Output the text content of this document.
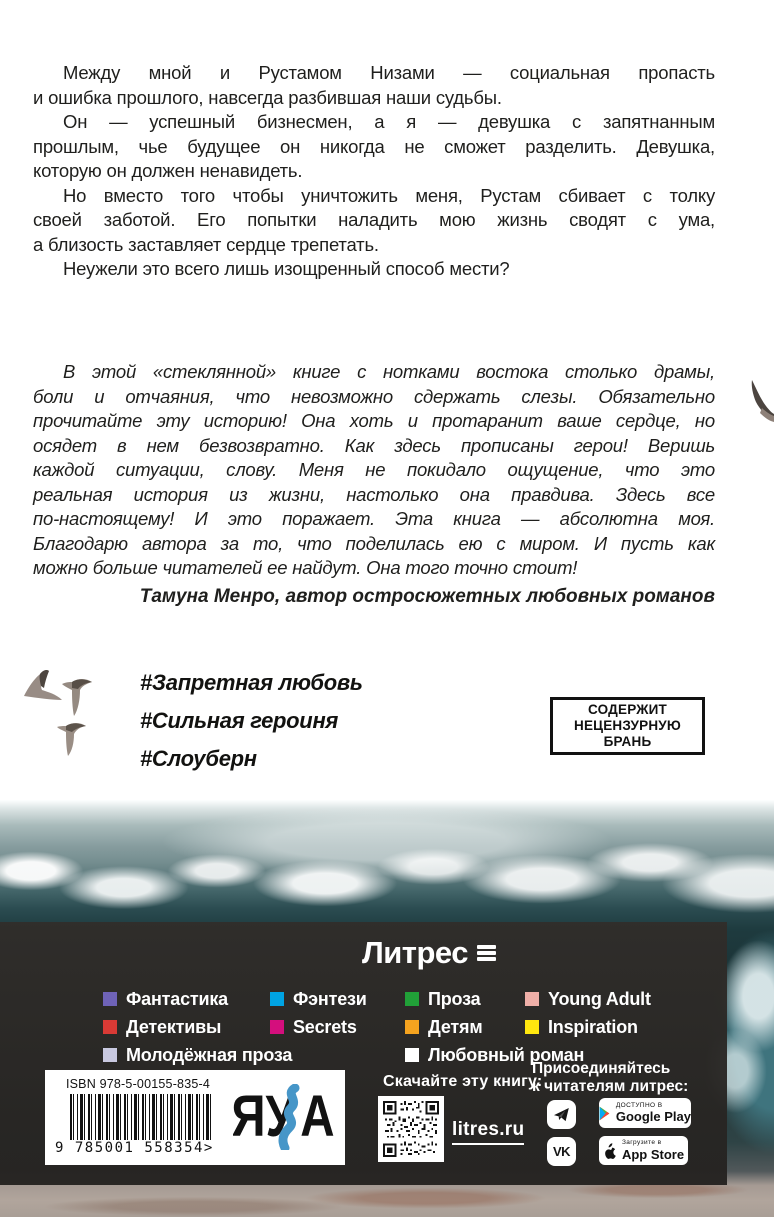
Между мной и Рустамом Низами — социальная пропасть
и ошибка прошлого, навсегда разбившая наши судьбы.
Он — успешный бизнесмен, а я — девушка с запятнанным
прошлым, чье будущее он никогда не сможет разделить. Девушка,
которую он должен ненавидеть.
Но вместо того чтобы уничтожить меня, Рустам сбивает с толку
своей заботой. Его попытки наладить мою жизнь сводят с ума,
а близость заставляет сердце трепетать.
Неужели это всего лишь изощренный способ мести?
В этой «стеклянной» книге с нотками востока столько драмы,
боли и отчаяния, что невозможно сдержать слезы. Обязательно
прочитайте эту историю! Она хоть и протаранит ваше сердце, но
осядет в нем безвозвратно. Как здесь прописаны герои! Веришь
каждой ситуации, слову. Меня не покидало ощущение, что это
реальная история из жизни, настолько она правдива. Здесь все
по-настоящему! И это поражает. Эта книга — абсолютна моя.
Благодарю автора за то, что поделилась ею с миром. И пусть как
можно больше читателей ее найдут. Она того точно стоит!
Тамуна Менро, автор остросюжетных любовных романов
#Запретная любовь
#Сильная героиня
#Слоуберн
СОДЕРЖИТ
НЕЦЕНЗУРНУЮ
БРАНЬ
Литрес
Фантастика	Фэнтези	Проза	Young Adult
Детективы	Secrets	Детям	Inspiration
Молодёжная проза	Любовный роман
ISBN 978-5-00155-835-4
9 785001 558354> ЯУ А
Скачайте эту книгу:
litres.ru
Присоединяйтесь
к читателям литрес:
VK
ДОСТУПНО В
Google Play
Загрузите в
App Store
